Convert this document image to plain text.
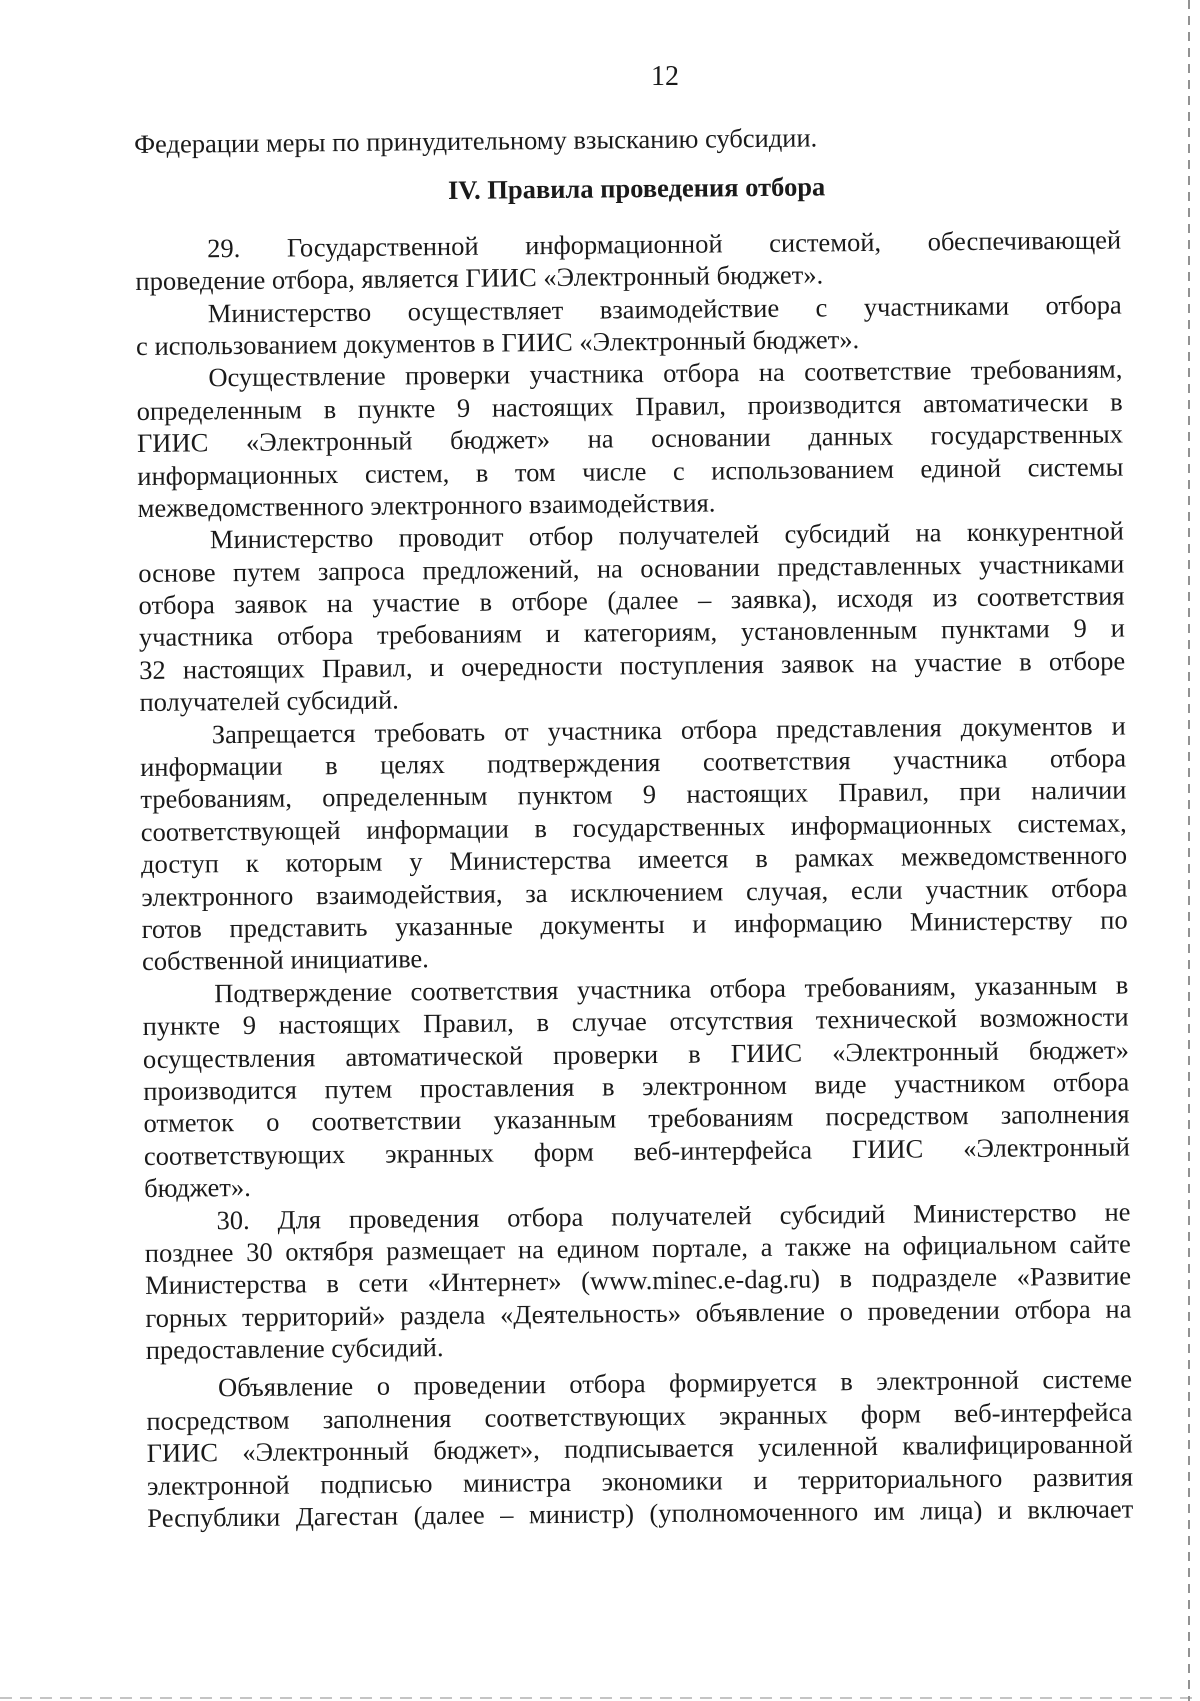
12
Федерации меры по принудительному взысканию субсидии.
IV. Правила проведения отбора
29. Государственной информационной системой, обеспечивающей
проведение отбора, является ГИИС «Электронный бюджет».
Министерство осуществляет взаимодействие с участниками отбора
с использованием документов в ГИИС «Электронный бюджет».
Осуществление проверки участника отбора на соответствие требованиям,
определенным в пункте 9 настоящих Правил, производится автоматически в
ГИИС «Электронный бюджет» на основании данных государственных
информационных систем, в том числе с использованием единой системы
межведомственного электронного взаимодействия.
Министерство проводит отбор получателей субсидий на конкурентной
основе путем запроса предложений, на основании представленных участниками
отбора заявок на участие в отборе (далее – заявка), исходя из соответствия
участника отбора требованиям и категориям, установленным пунктами 9 и
32 настоящих Правил, и очередности поступления заявок на участие в отборе
получателей субсидий.
Запрещается требовать от участника отбора представления документов и
информации в целях подтверждения соответствия участника отбора
требованиям, определенным пунктом 9 настоящих Правил, при наличии
соответствующей информации в государственных информационных системах,
доступ к которым у Министерства имеется в рамках межведомственного
электронного взаимодействия, за исключением случая, если участник отбора
готов представить указанные документы и информацию Министерству по
собственной инициативе.
Подтверждение соответствия участника отбора требованиям, указанным в
пункте 9 настоящих Правил, в случае отсутствия технической возможности
осуществления автоматической проверки в ГИИС «Электронный бюджет»
производится путем проставления в электронном виде участником отбора
отметок о соответствии указанным требованиям посредством заполнения
соответствующих экранных форм веб-интерфейса ГИИС «Электронный
бюджет».
30. Для проведения отбора получателей субсидий Министерство не
позднее 30 октября размещает на едином портале, а также на официальном сайте
Министерства в сети «Интернет» (www.minec.e-dag.ru) в подразделе «Развитие
горных территорий» раздела «Деятельность» объявление о проведении отбора на
предоставление субсидий.
Объявление о проведении отбора формируется в электронной системе
посредством заполнения соответствующих экранных форм веб-интерфейса
ГИИС «Электронный бюджет», подписывается усиленной квалифицированной
электронной подписью министра экономики и территориального развития
Республики Дагестан (далее – министр) (уполномоченного им лица) и включает
